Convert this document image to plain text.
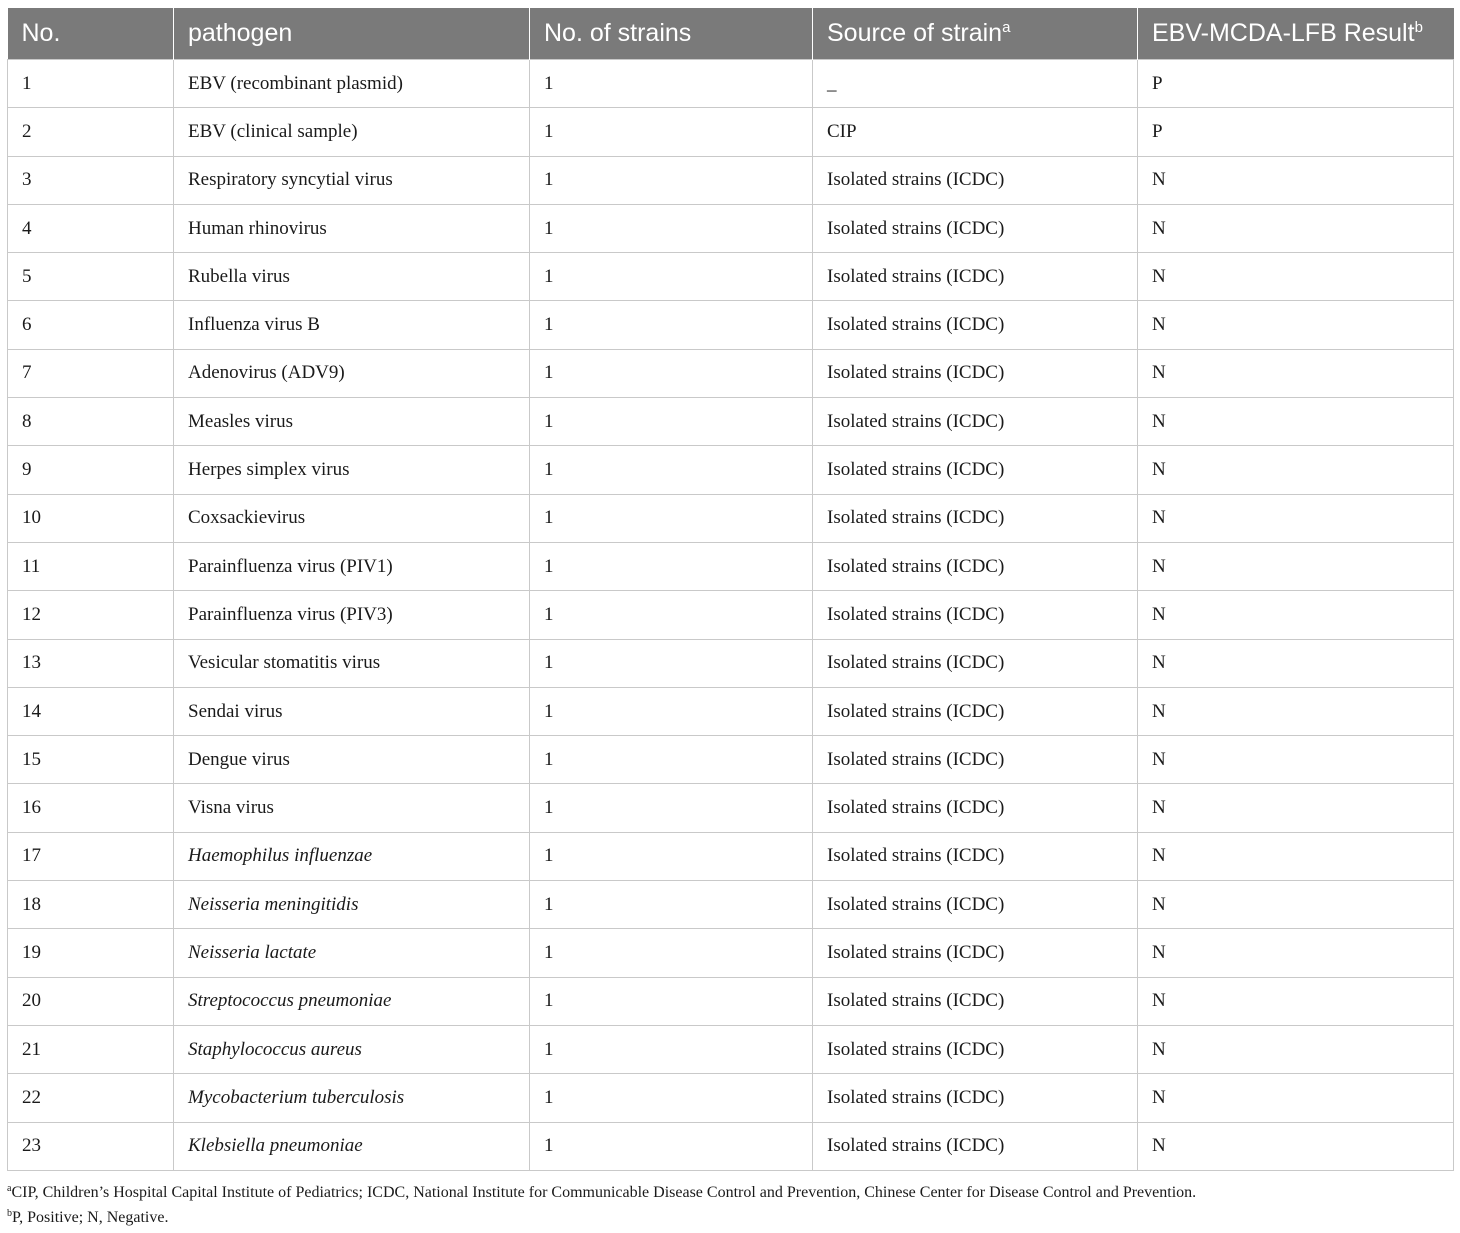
No.	pathogen	No. of strains	Source of strain$^a$	EBV-MCDA-LFB Result$^b$
1	EBV (recombinant plasmid)	1	_	P
2	EBV (clinical sample)	1	CIP	P
3	Respiratory syncytial virus	1	Isolated strains (ICDC)	N
4	Human rhinovirus	1	Isolated strains (ICDC)	N
5	Rubella virus	1	Isolated strains (ICDC)	N
6	Influenza virus B	1	Isolated strains (ICDC)	N
7	Adenovirus (ADV9)	1	Isolated strains (ICDC)	N
8	Measles virus	1	Isolated strains (ICDC)	N
9	Herpes simplex virus	1	Isolated strains (ICDC)	N
10	Coxsackievirus	1	Isolated strains (ICDC)	N
11	Parainfluenza virus (PIV1)	1	Isolated strains (ICDC)	N
12	Parainfluenza virus (PIV3)	1	Isolated strains (ICDC)	N
13	Vesicular stomatitis virus	1	Isolated strains (ICDC)	N
14	Sendai virus	1	Isolated strains (ICDC)	N
15	Dengue virus	1	Isolated strains (ICDC)	N
16	Visna virus	1	Isolated strains (ICDC)	N
17	Haemophilus influenzae	1	Isolated strains (ICDC)	N
18	Neisseria meningitidis	1	Isolated strains (ICDC)	N
19	Neisseria lactate	1	Isolated strains (ICDC)	N
20	Streptococcus pneumoniae	1	Isolated strains (ICDC)	N
21	Staphylococcus aureus	1	Isolated strains (ICDC)	N
22	Mycobacterium tuberculosis	1	Isolated strains (ICDC)	N
23	Klebsiella pneumoniae	1	Isolated strains (ICDC)	N
$^a$CIP, Children’s Hospital Capital Institute of Pediatrics; ICDC, National Institute for Communicable Disease Control and Prevention, Chinese Center for Disease Control and Prevention.
$^b$P, Positive; N, Negative.
